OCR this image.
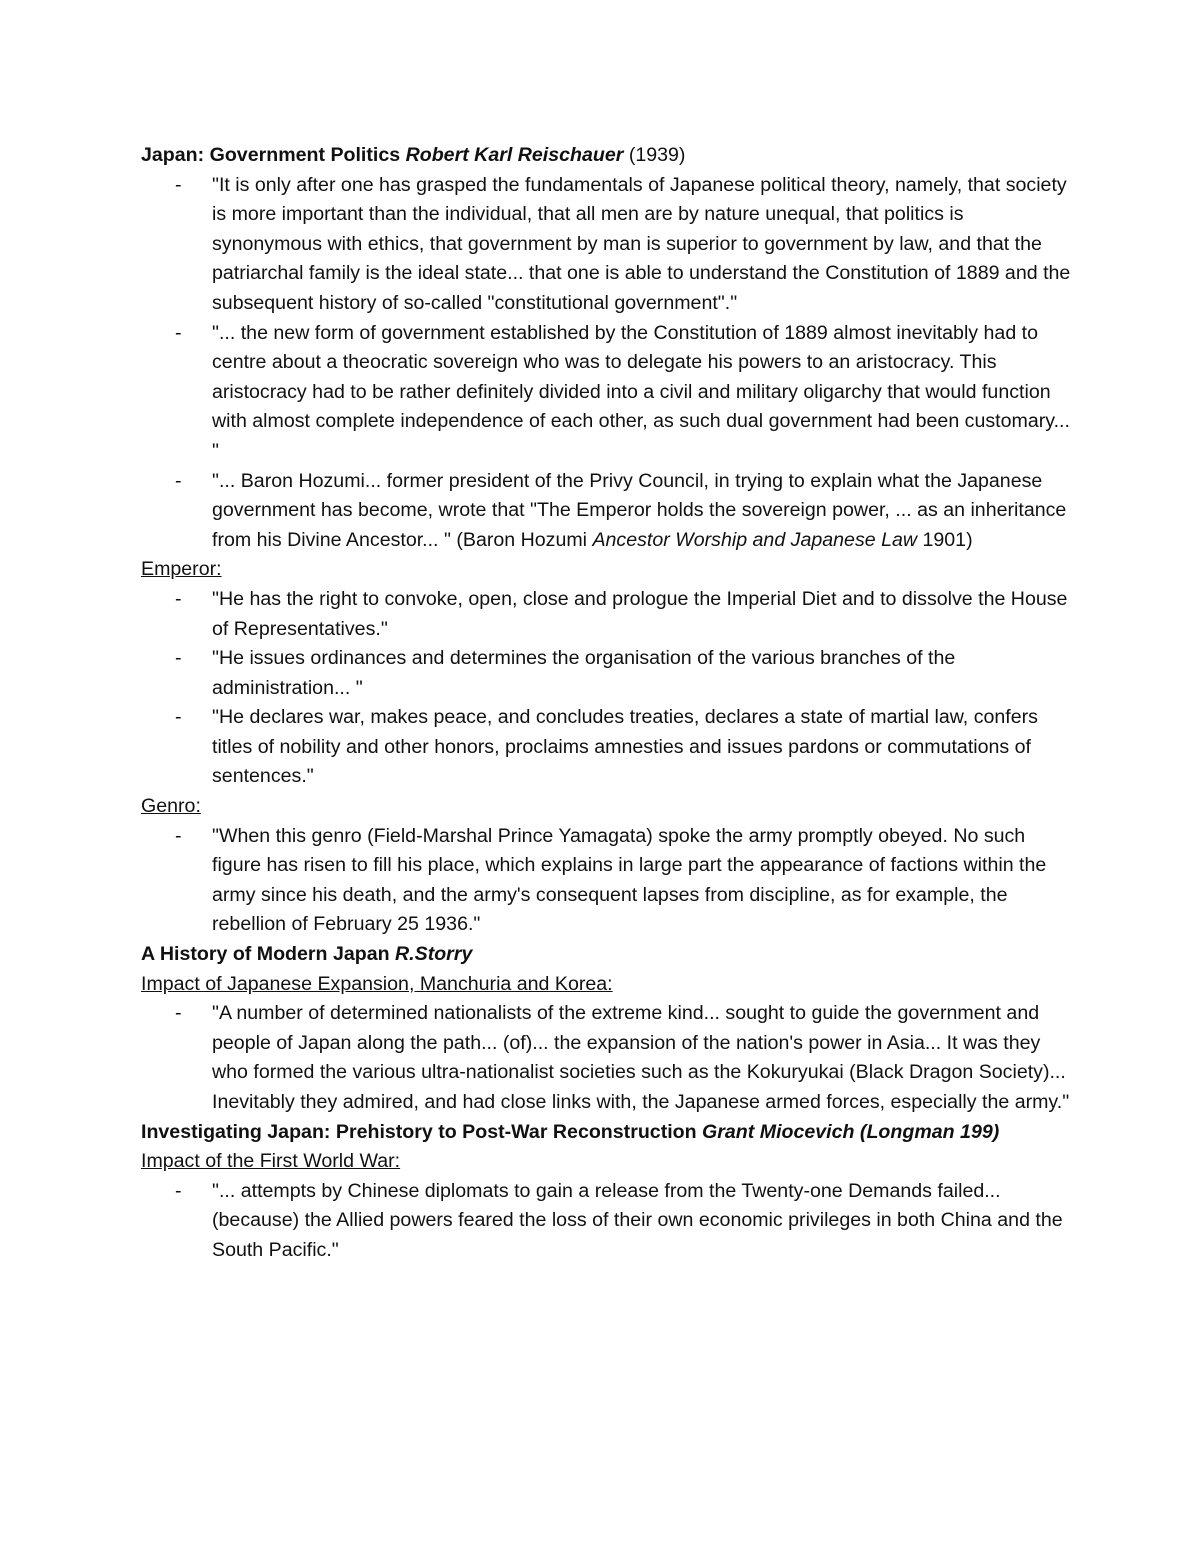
Japan: Government Politics Robert Karl Reischauer (1939)
- "It is only after one has grasped the fundamentals of Japanese political theory, namely, that society is more important than the individual, that all men are by nature unequal, that politics is synonymous with ethics, that government by man is superior to government by law, and that the patriarchal family is the ideal state... that one is able to understand the Constitution of 1889 and the subsequent history of so-called "constitutional government"."
- "... the new form of government established by the Constitution of 1889 almost inevitably had to centre about a theocratic sovereign who was to delegate his powers to an aristocracy. This aristocracy had to be rather definitely divided into a civil and military oligarchy that would function with almost complete independence of each other, as such dual government had been customary... "
- "... Baron Hozumi... former president of the Privy Council, in trying to explain what the Japanese government has become, wrote that "The Emperor holds the sovereign power, ... as an inheritance from his Divine Ancestor... " (Baron Hozumi Ancestor Worship and Japanese Law 1901)
Emperor:
- "He has the right to convoke, open, close and prologue the Imperial Diet and to dissolve the House of Representatives."
- "He issues ordinances and determines the organisation of the various branches of the administration... "
- "He declares war, makes peace, and concludes treaties, declares a state of martial law, confers titles of nobility and other honors, proclaims amnesties and issues pardons or commutations of sentences."
Genro:
- "When this genro (Field-Marshal Prince Yamagata) spoke the army promptly obeyed. No such figure has risen to fill his place, which explains in large part the appearance of factions within the army since his death, and the army's consequent lapses from discipline, as for example, the rebellion of February 25 1936."
A History of Modern Japan R.Storry
Impact of Japanese Expansion, Manchuria and Korea:
- "A number of determined nationalists of the extreme kind... sought to guide the government and people of Japan along the path... (of)... the expansion of the nation's power in Asia... It was they who formed the various ultra-nationalist societies such as the Kokuryukai (Black Dragon Society)... Inevitably they admired, and had close links with, the Japanese armed forces, especially the army."
Investigating Japan: Prehistory to Post-War Reconstruction Grant Miocevich (Longman 199)
Impact of the First World War:
- "... attempts by Chinese diplomats to gain a release from the Twenty-one Demands failed... (because) the Allied powers feared the loss of their own economic privileges in both China and the South Pacific."
